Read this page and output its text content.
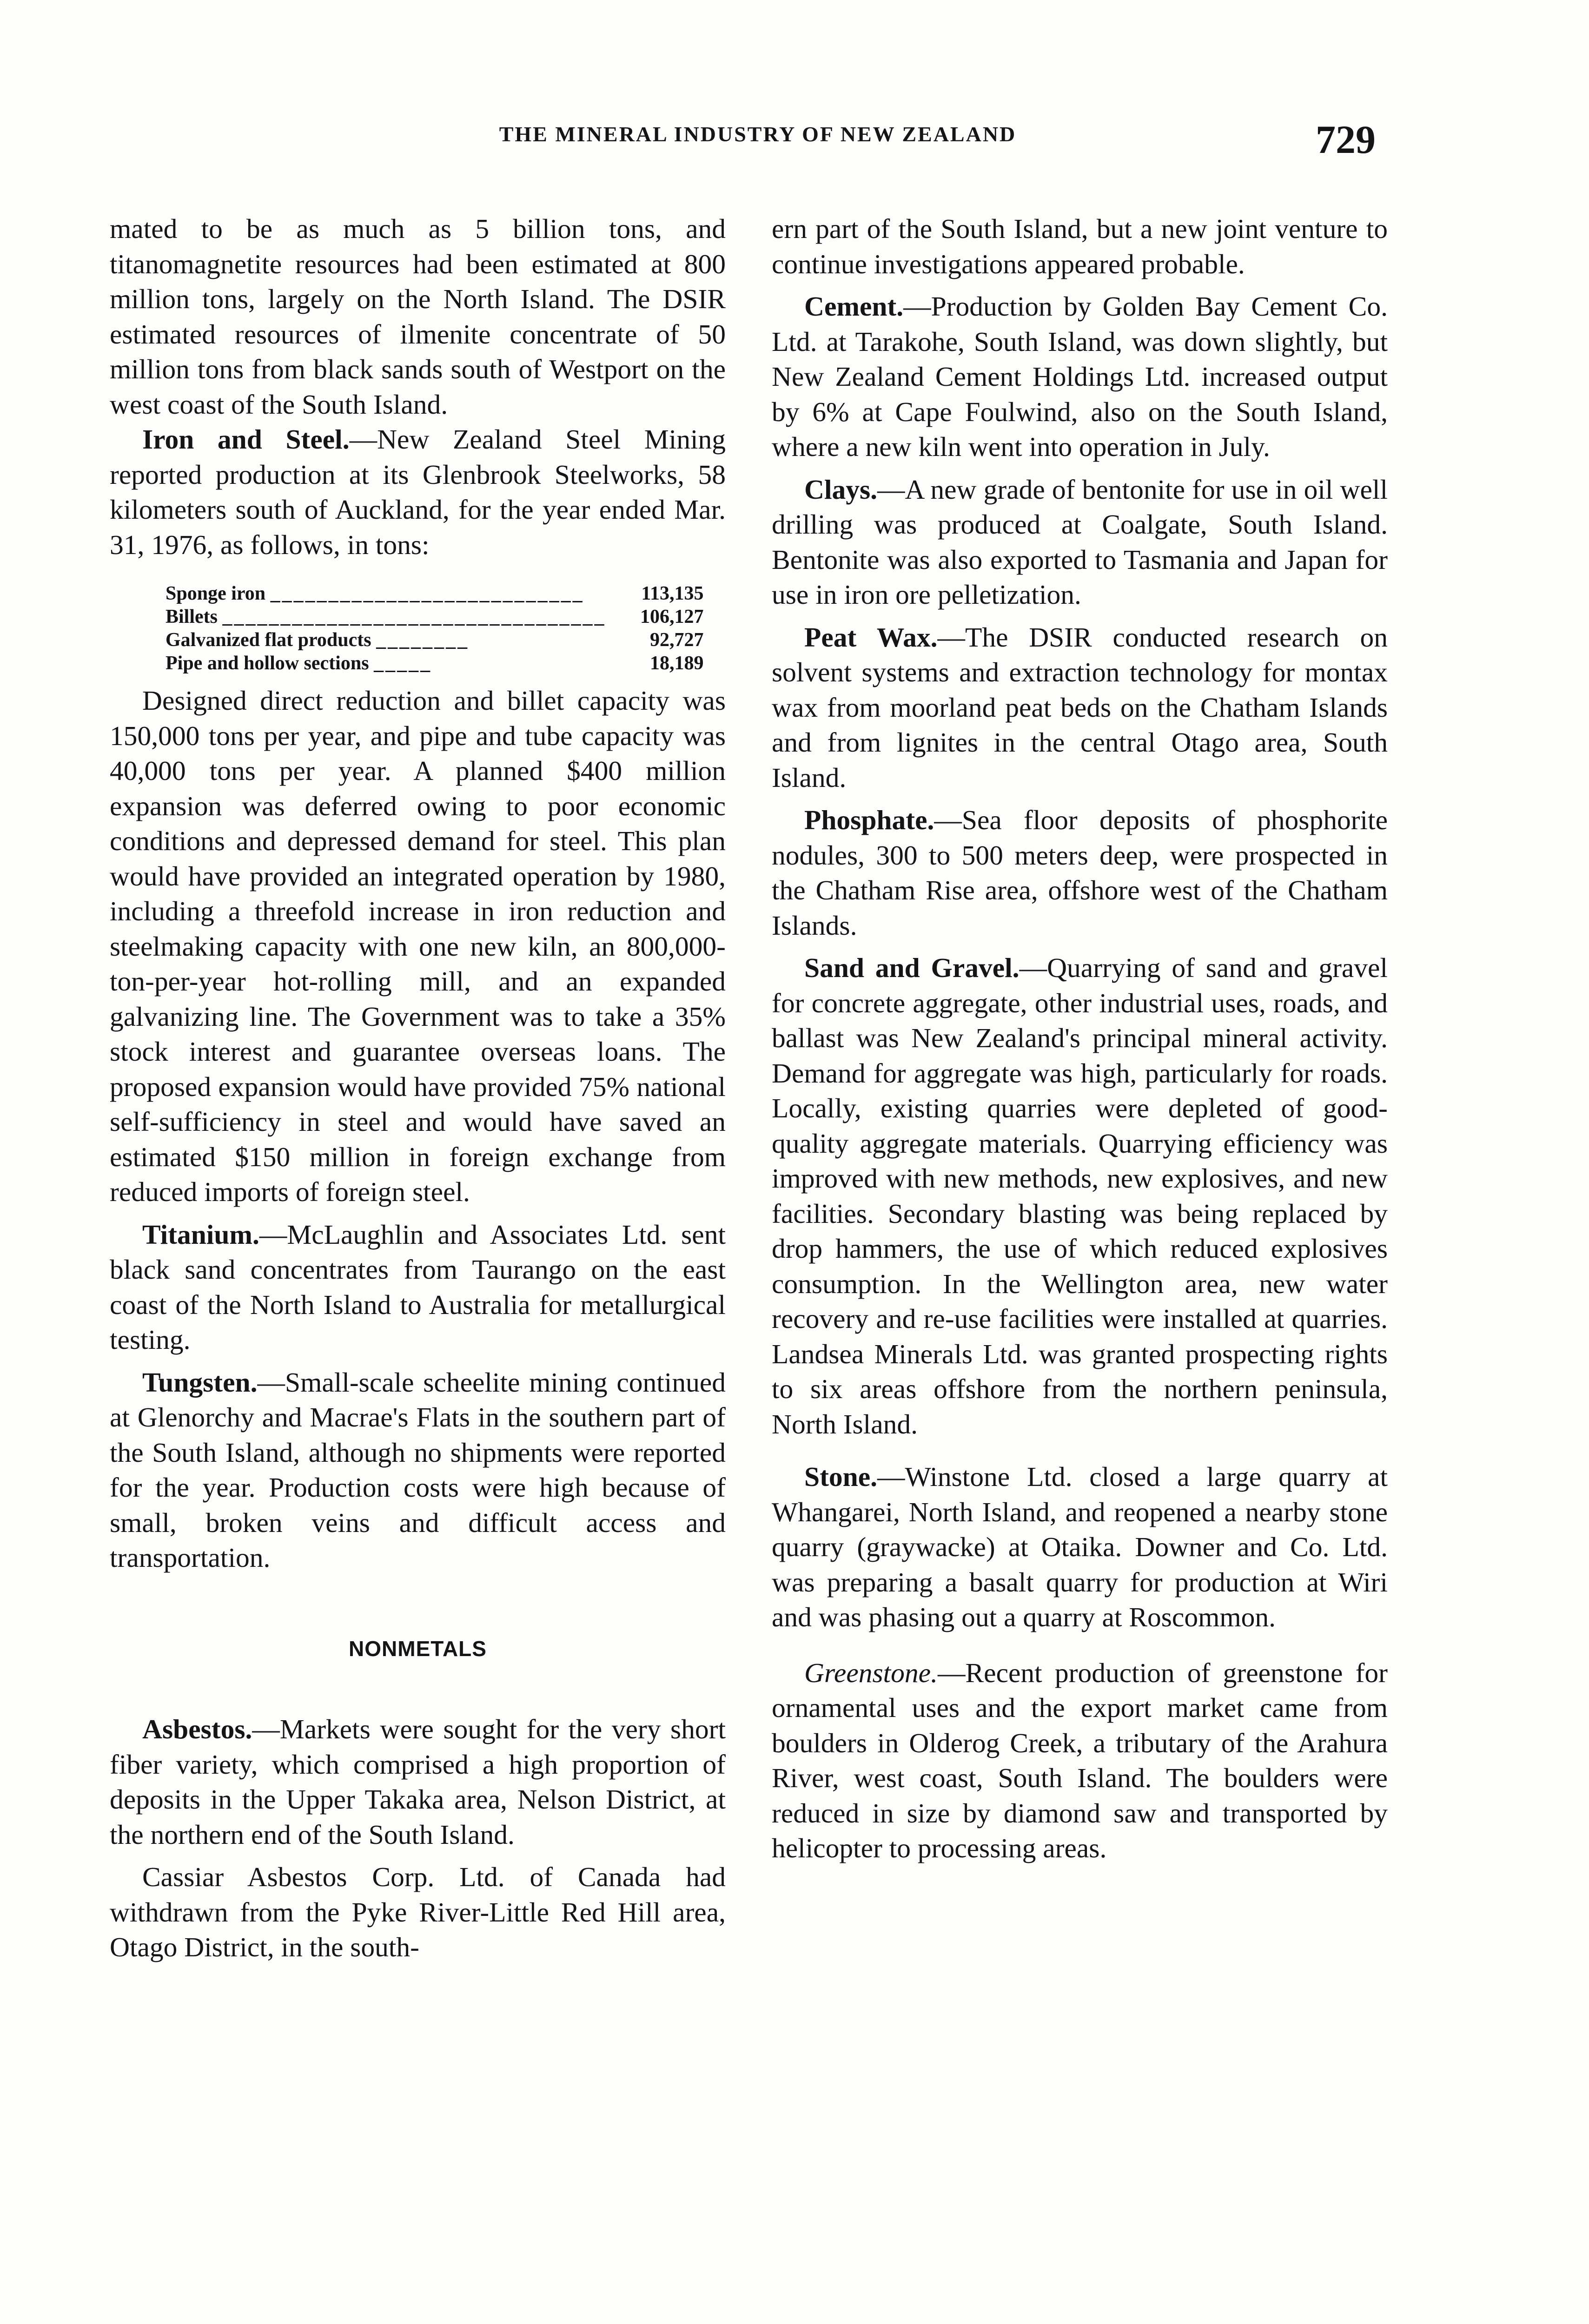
THE MINERAL INDUSTRY OF NEW ZEALAND	729

mated to be as much as 5 billion tons, and titanomagnetite resources had been estimated at 800 million tons, largely on the North Island. The DSIR estimated resources of ilmenite concentrate of 50 million tons from black sands south of Westport on the west coast of the South Island.

Iron and Steel.—New Zealand Steel Mining reported production at its Glenbrook Steelworks, 58 kilometers south of Auckland, for the year ended Mar. 31, 1976, as follows, in tons:

Sponge iron ___________________________	113,135
Billets _________________________________	106,127
Galvanized flat products ________	92,727
Pipe and hollow sections _____	18,189

Designed direct reduction and billet capacity was 150,000 tons per year, and pipe and tube capacity was 40,000 tons per year. A planned $400 million expansion was deferred owing to poor economic conditions and depressed demand for steel. This plan would have provided an integrated operation by 1980, including a threefold increase in iron reduction and steelmaking capacity with one new kiln, an 800,000-ton-per-year hot-rolling mill, and an expanded galvanizing line. The Government was to take a 35% stock interest and guarantee overseas loans. The proposed expansion would have provided 75% national self-sufficiency in steel and would have saved an estimated $150 million in foreign exchange from reduced imports of foreign steel.

Titanium.—McLaughlin and Associates Ltd. sent black sand concentrates from Taurango on the east coast of the North Island to Australia for metallurgical testing.

Tungsten.—Small-scale scheelite mining continued at Glenorchy and Macrae's Flats in the southern part of the South Island, although no shipments were reported for the year. Production costs were high because of small, broken veins and difficult access and transportation.

NONMETALS

Asbestos.—Markets were sought for the very short fiber variety, which comprised a high proportion of deposits in the Upper Takaka area, Nelson District, at the northern end of the South Island.

Cassiar Asbestos Corp. Ltd. of Canada had withdrawn from the Pyke River-Little Red Hill area, Otago District, in the south-

ern part of the South Island, but a new joint venture to continue investigations appeared probable.

Cement.—Production by Golden Bay Cement Co. Ltd. at Tarakohe, South Island, was down slightly, but New Zealand Cement Holdings Ltd. increased output by 6% at Cape Foulwind, also on the South Island, where a new kiln went into operation in July.

Clays.—A new grade of bentonite for use in oil well drilling was produced at Coalgate, South Island. Bentonite was also exported to Tasmania and Japan for use in iron ore pelletization.

Peat Wax.—The DSIR conducted research on solvent systems and extraction technology for montax wax from moorland peat beds on the Chatham Islands and from lignites in the central Otago area, South Island.

Phosphate.—Sea floor deposits of phosphorite nodules, 300 to 500 meters deep, were prospected in the Chatham Rise area, offshore west of the Chatham Islands.

Sand and Gravel.—Quarrying of sand and gravel for concrete aggregate, other industrial uses, roads, and ballast was New Zealand's principal mineral activity. Demand for aggregate was high, particularly for roads. Locally, existing quarries were depleted of good-quality aggregate materials. Quarrying efficiency was improved with new methods, new explosives, and new facilities. Secondary blasting was being replaced by drop hammers, the use of which reduced explosives consumption. In the Wellington area, new water recovery and re-use facilities were installed at quarries. Landsea Minerals Ltd. was granted prospecting rights to six areas offshore from the northern peninsula, North Island.

Stone.—Winstone Ltd. closed a large quarry at Whangarei, North Island, and reopened a nearby stone quarry (graywacke) at Otaika. Downer and Co. Ltd. was preparing a basalt quarry for production at Wiri and was phasing out a quarry at Roscommon.

Greenstone.—Recent production of greenstone for ornamental uses and the export market came from boulders in Olderog Creek, a tributary of the Arahura River, west coast, South Island. The boulders were reduced in size by diamond saw and transported by helicopter to processing areas.
